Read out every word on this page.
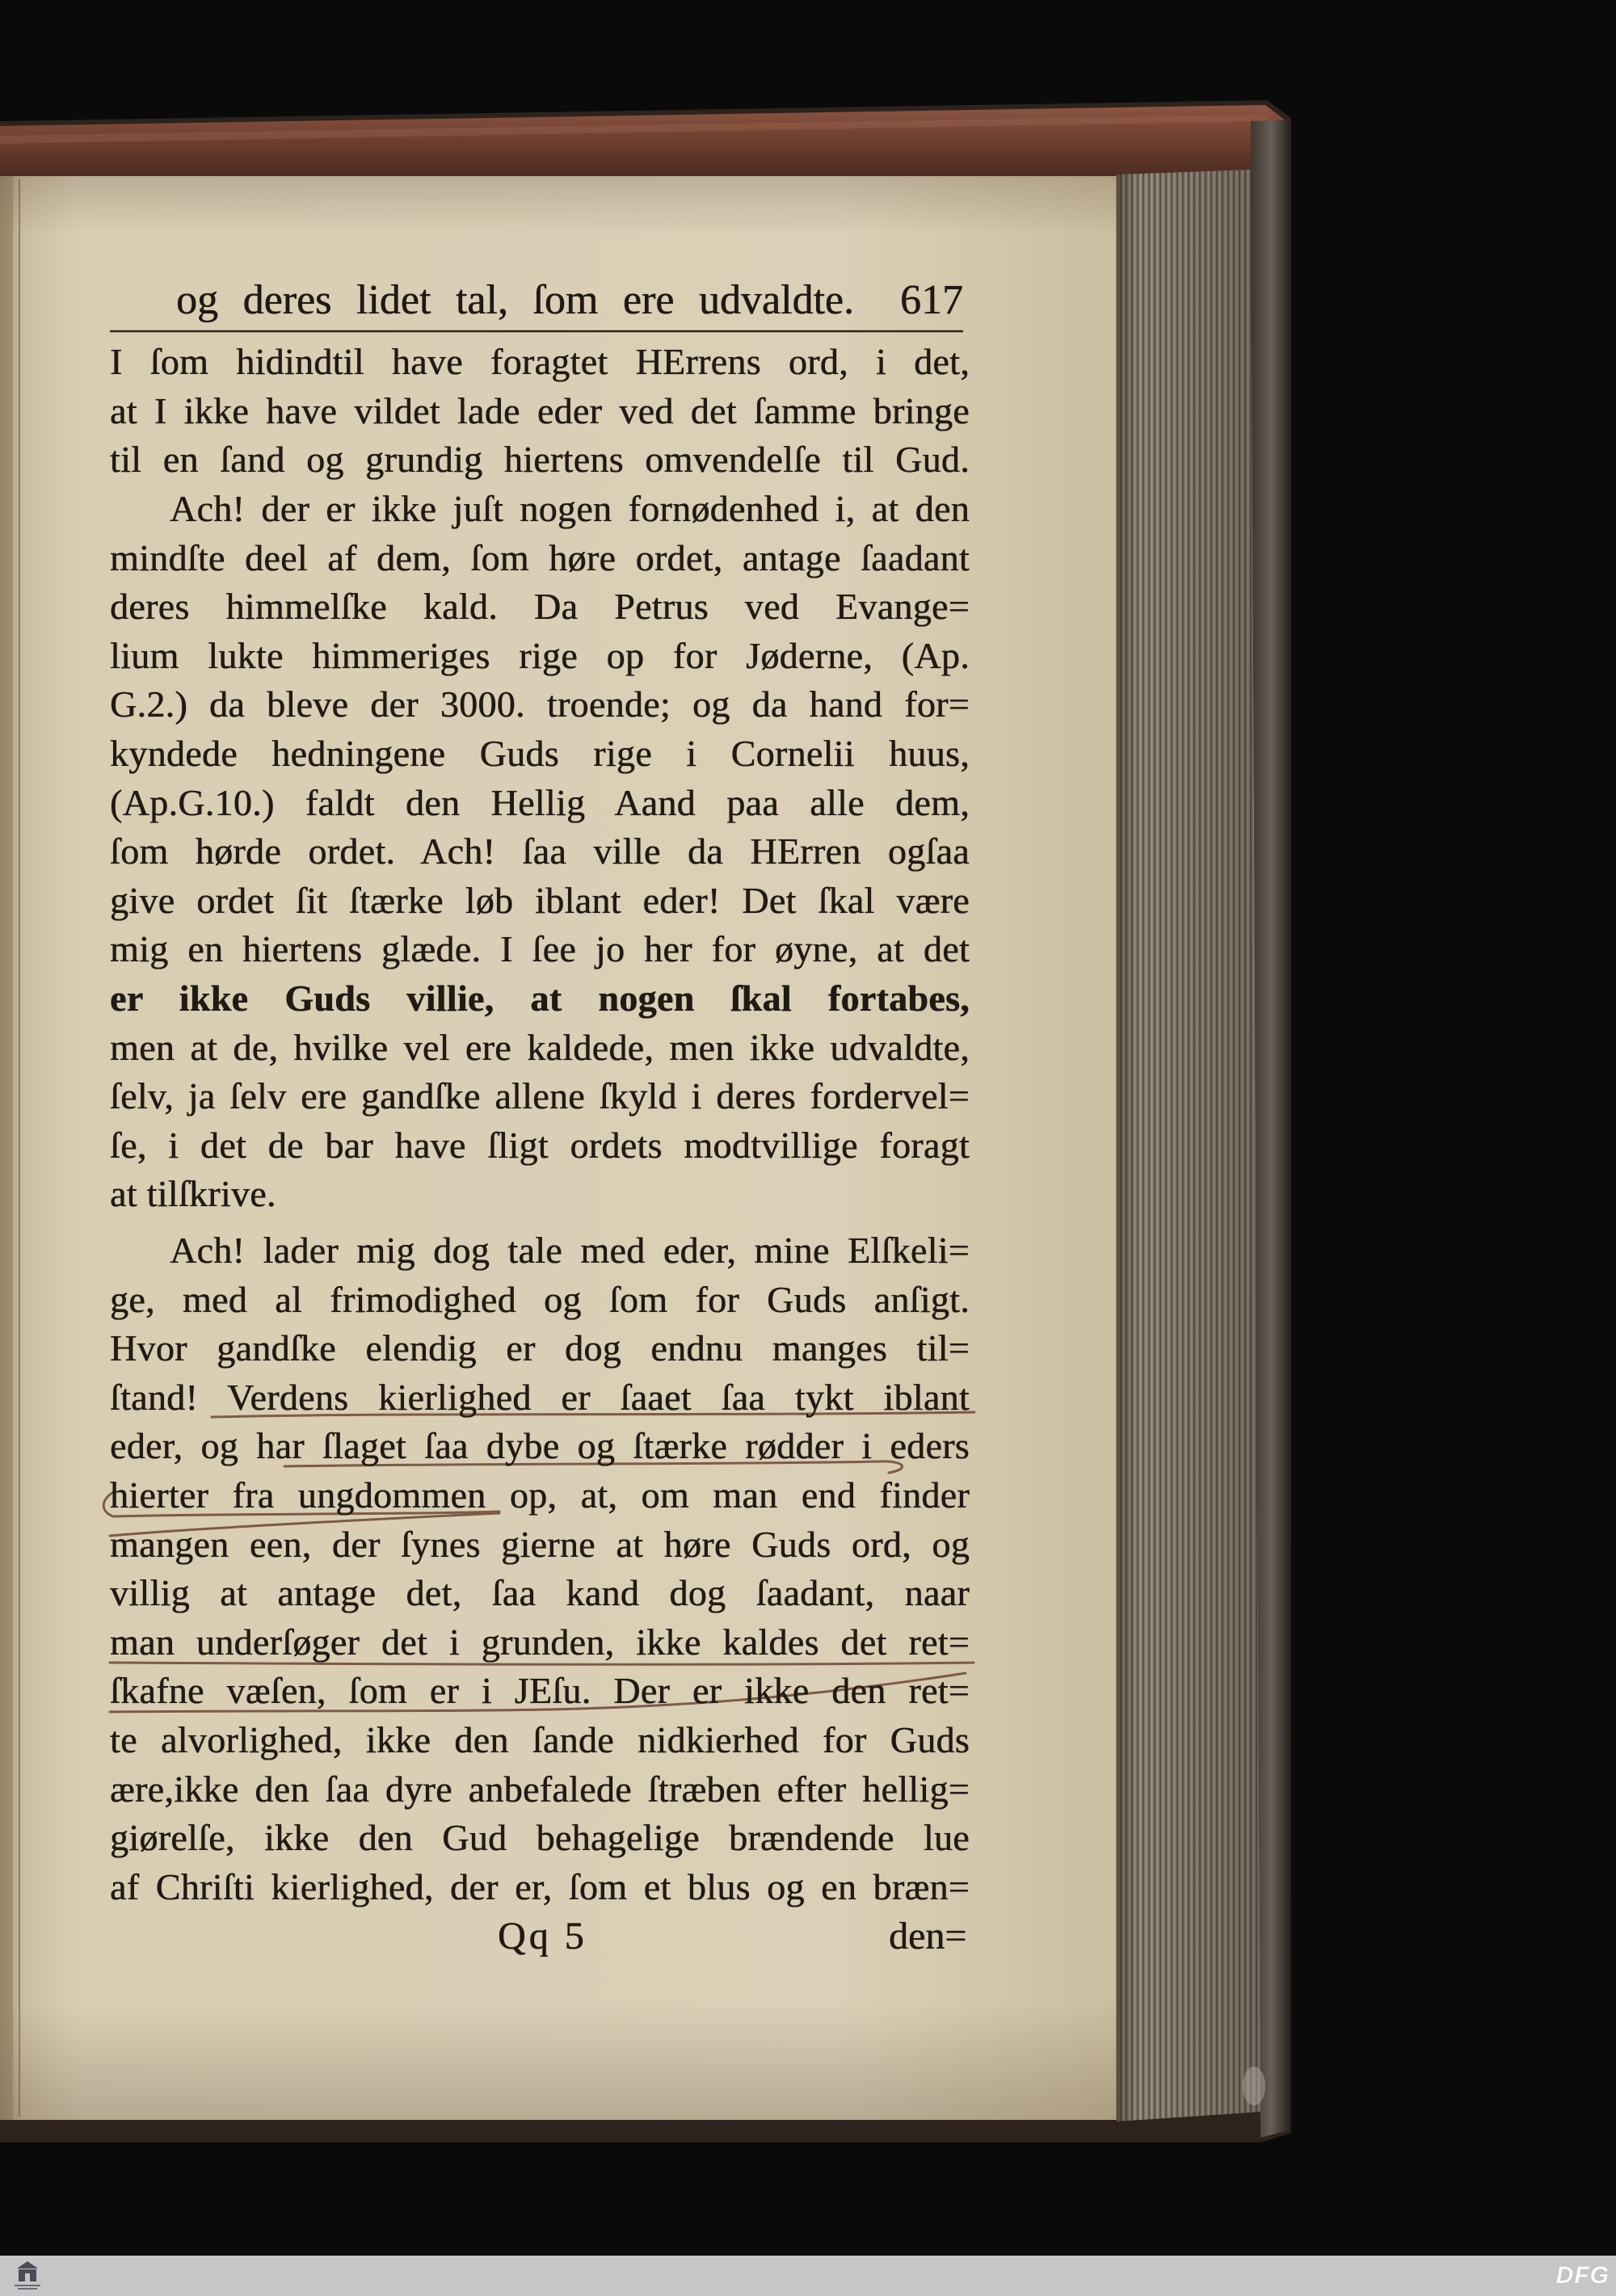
og deres lidet tal, ſom ere udvaldte.	617
I ſom hidindtil have foragtet HErrens ord, i det,
at I ikke have vildet lade eder ved det ſamme bringe
til en ſand og grundig hiertens omvendelſe til Gud.
Ach! der er ikke juſt nogen fornødenhed i, at den
mindſte deel af dem, ſom høre ordet, antage ſaadant
deres himmelſke kald. Da Petrus ved Evange=
lium lukte himmeriges rige op for Jøderne, (Ap.
G.2.) da bleve der 3000. troende; og da hand for=
kyndede hedningene Guds rige i Cornelii huus,
(Ap.G.10.) faldt den Hellig Aand paa alle dem,
ſom hørde ordet. Ach! ſaa ville da HErren ogſaa
give ordet ſit ſtærke løb iblant eder! Det ſkal være
mig en hiertens glæde. I ſee jo her for øyne, at det
er ikke Guds villie, at nogen ſkal fortabes,
men at de, hvilke vel ere kaldede, men ikke udvaldte,
ſelv, ja ſelv ere gandſke allene ſkyld i deres fordervel=
ſe, i det de bar have ſligt ordets modtvillige foragt
at tilſkrive.
Ach! lader mig dog tale med eder, mine Elſkeli=
ge, med al frimodighed og ſom for Guds anſigt.
Hvor gandſke elendig er dog endnu manges til=
ſtand! Verdens kierlighed er ſaaet ſaa tykt iblant
eder, og har ſlaget ſaa dybe og ſtærke rødder i eders
hierter fra ungdommen op, at, om man end finder
mangen een, der ſynes gierne at høre Guds ord, og
villig at antage det, ſaa kand dog ſaadant, naar
man underſøger det i grunden, ikke kaldes det ret=
ſkafne væſen, ſom er i JEſu. Der er ikke den ret=
te alvorlighed, ikke den ſande nidkierhed for Guds
ære,ikke den ſaa dyre anbefalede ſtræben efter hellig=
giørelſe, ikke den Gud behagelige brændende lue
af Chriſti kierlighed, der er, ſom et blus og en bræn=
Qq 5	den=
DFG
